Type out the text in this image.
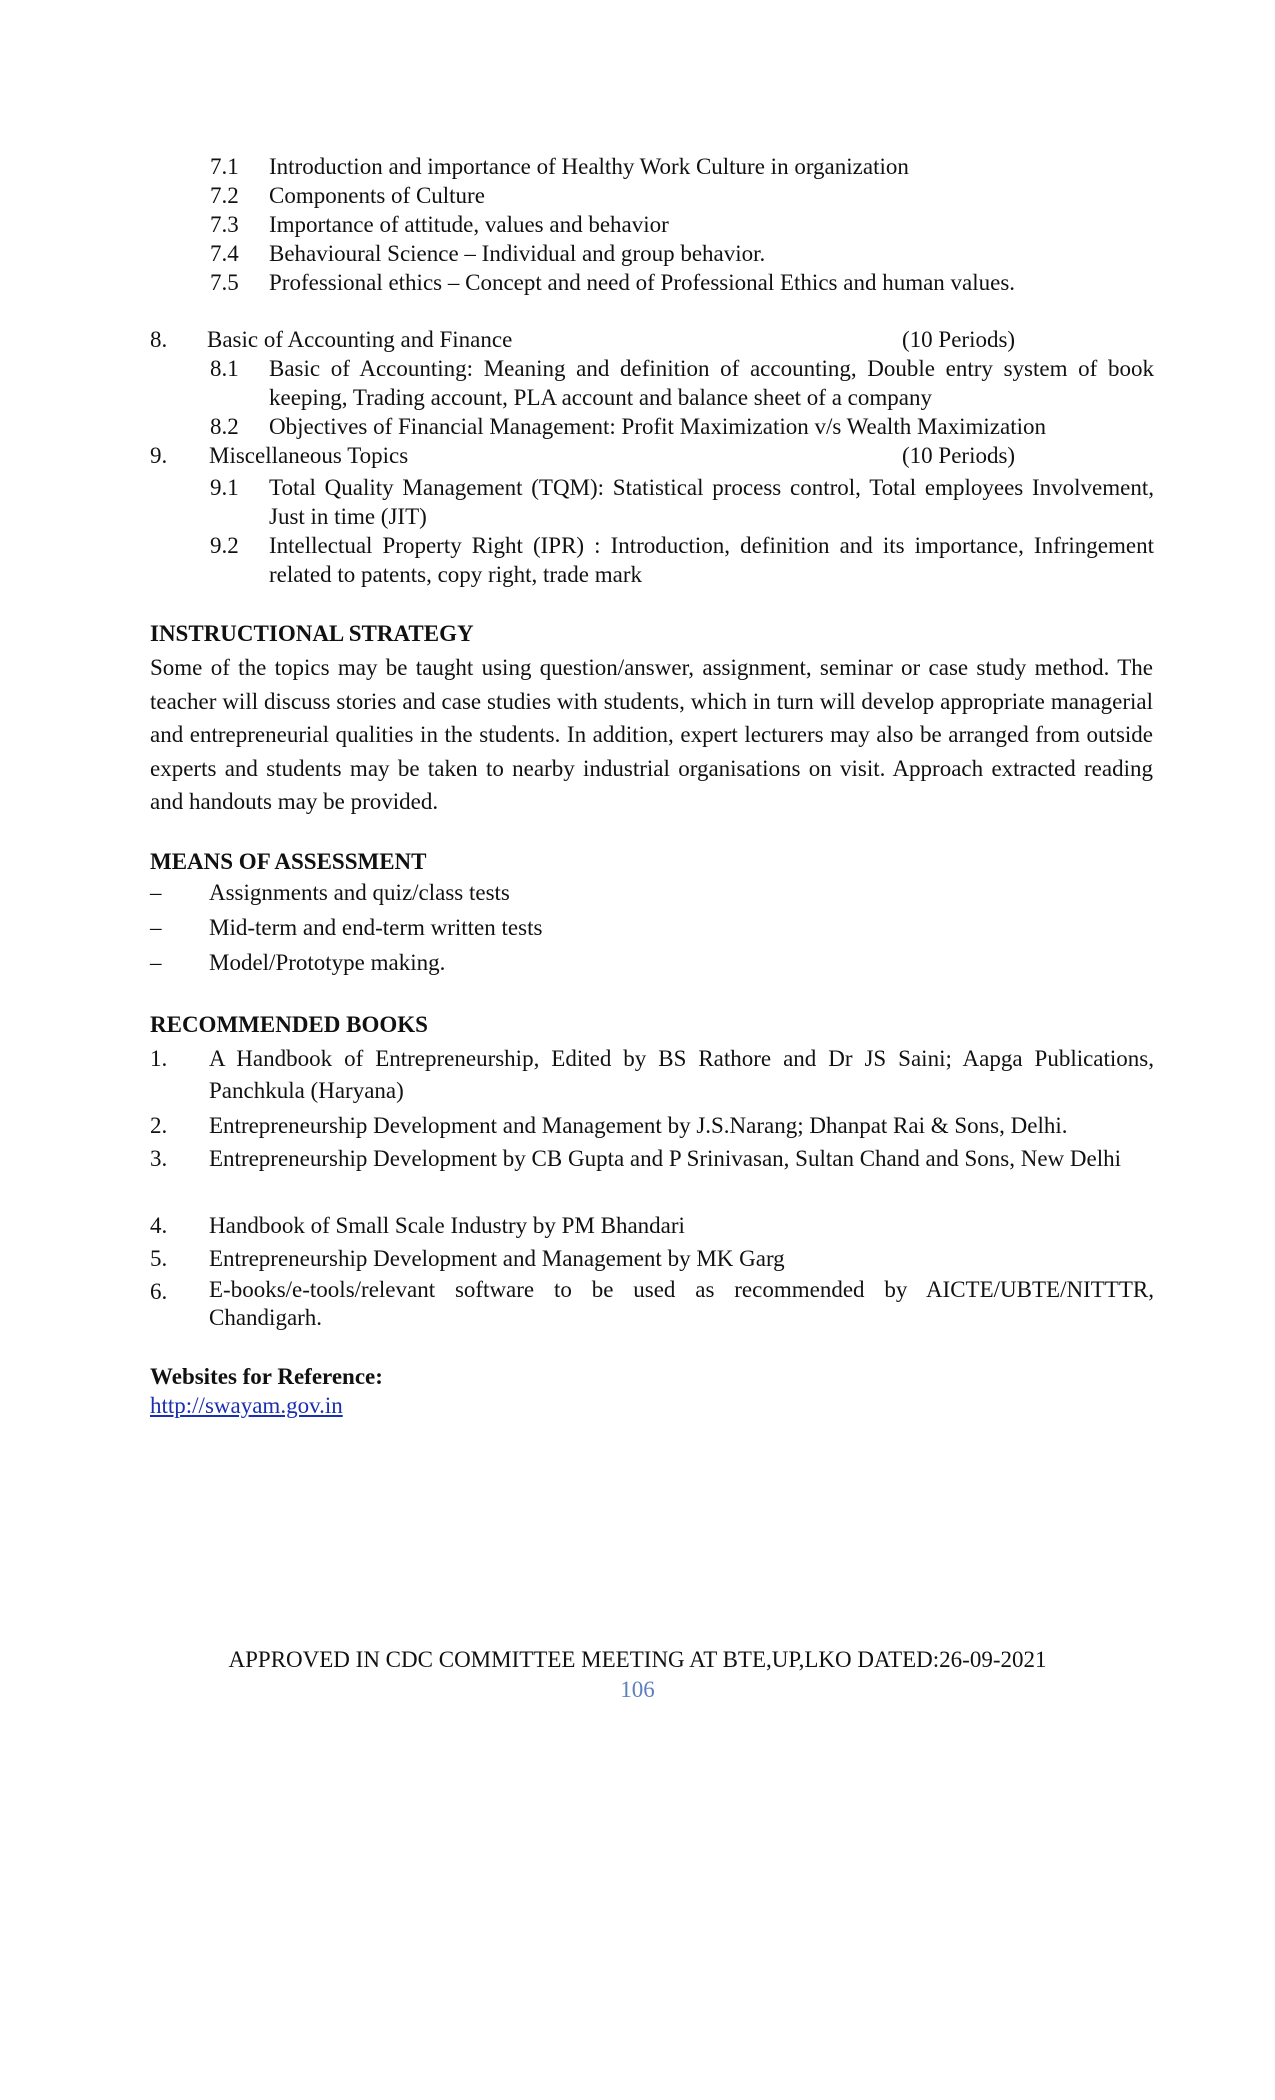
7.1	Introduction and importance of Healthy Work Culture in organization
7.2	Components of Culture
7.3	Importance of attitude, values and behavior
7.4	Behavioural Science – Individual and group behavior.
7.5	Professional ethics – Concept and need of Professional Ethics and human values.
8.	Basic of Accounting and Finance	(10 Periods)
8.1	Basic of Accounting: Meaning and definition of accounting, Double entry system of book keeping, Trading account, PLA account and balance sheet of a company
8.2	Objectives of Financial Management: Profit Maximization v/s Wealth Maximization
9.	Miscellaneous Topics	(10 Periods)
9.1	Total Quality Management (TQM): Statistical process control, Total employees Involvement, Just in time (JIT)
9.2	Intellectual Property Right (IPR) : Introduction, definition and its importance, Infringement related to patents, copy right, trade mark
INSTRUCTIONAL STRATEGY
Some of the topics may be taught using question/answer, assignment, seminar or case study method. The teacher will discuss stories and case studies with students, which in turn will develop appropriate managerial and entrepreneurial qualities in the students. In addition, expert lecturers may also be arranged from outside experts and students may be taken to nearby industrial organisations on visit. Approach extracted reading and handouts may be provided.
MEANS OF ASSESSMENT
–	Assignments and quiz/class tests
–	Mid-term and end-term written tests
–	Model/Prototype making.
RECOMMENDED BOOKS
1.	A Handbook of Entrepreneurship, Edited by BS Rathore and Dr JS Saini; Aapga Publications, Panchkula (Haryana)
2.	Entrepreneurship Development and Management by J.S.Narang; Dhanpat Rai & Sons, Delhi.
3.	Entrepreneurship Development by CB Gupta and P Srinivasan, Sultan Chand and Sons, New Delhi
4.	Handbook of Small Scale Industry by PM Bhandari
5.	Entrepreneurship Development and Management by MK Garg
6.	E-books/e-tools/relevant software to be used as recommended by AICTE/UBTE/NITTTR, Chandigarh.
Websites for Reference:
http://swayam.gov.in
APPROVED IN CDC COMMITTEE MEETING AT BTE,UP,LKO DATED:26-09-2021
106
